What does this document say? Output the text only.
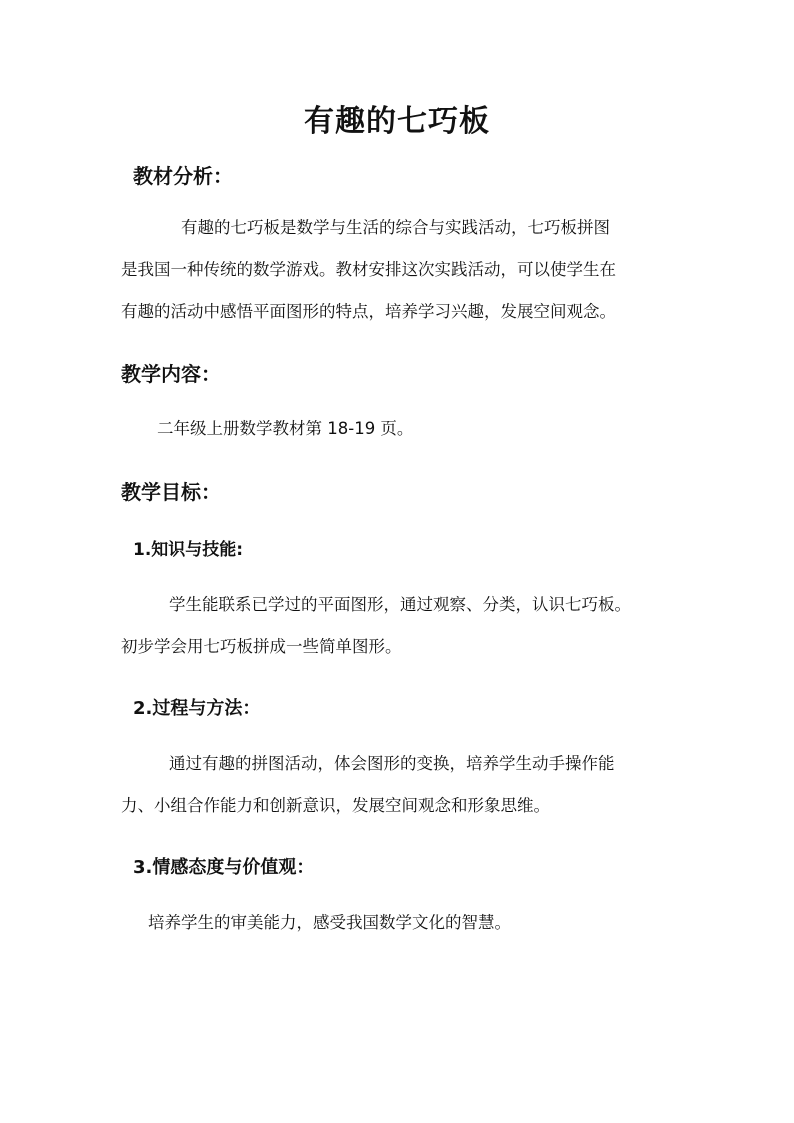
有趣的七巧板
教材分析：
有趣的七巧板是数学与生活的综合与实践活动，七巧板拼图
是我国一种传统的数学游戏。教材安排这次实践活动，可以使学生在
有趣的活动中感悟平面图形的特点，培养学习兴趣，发展空间观念。
教学内容：
二年级上册数学教材第 18-19 页。
教学目标：
1.知识与技能:
学生能联系已学过的平面图形，通过观察、分类，认识七巧板。
初步学会用七巧板拼成一些简单图形。
2.过程与方法：
通过有趣的拼图活动，体会图形的变换，培养学生动手操作能
力、小组合作能力和创新意识，发展空间观念和形象思维。
3.情感态度与价值观：
培养学生的审美能力，感受我国数学文化的智慧。
